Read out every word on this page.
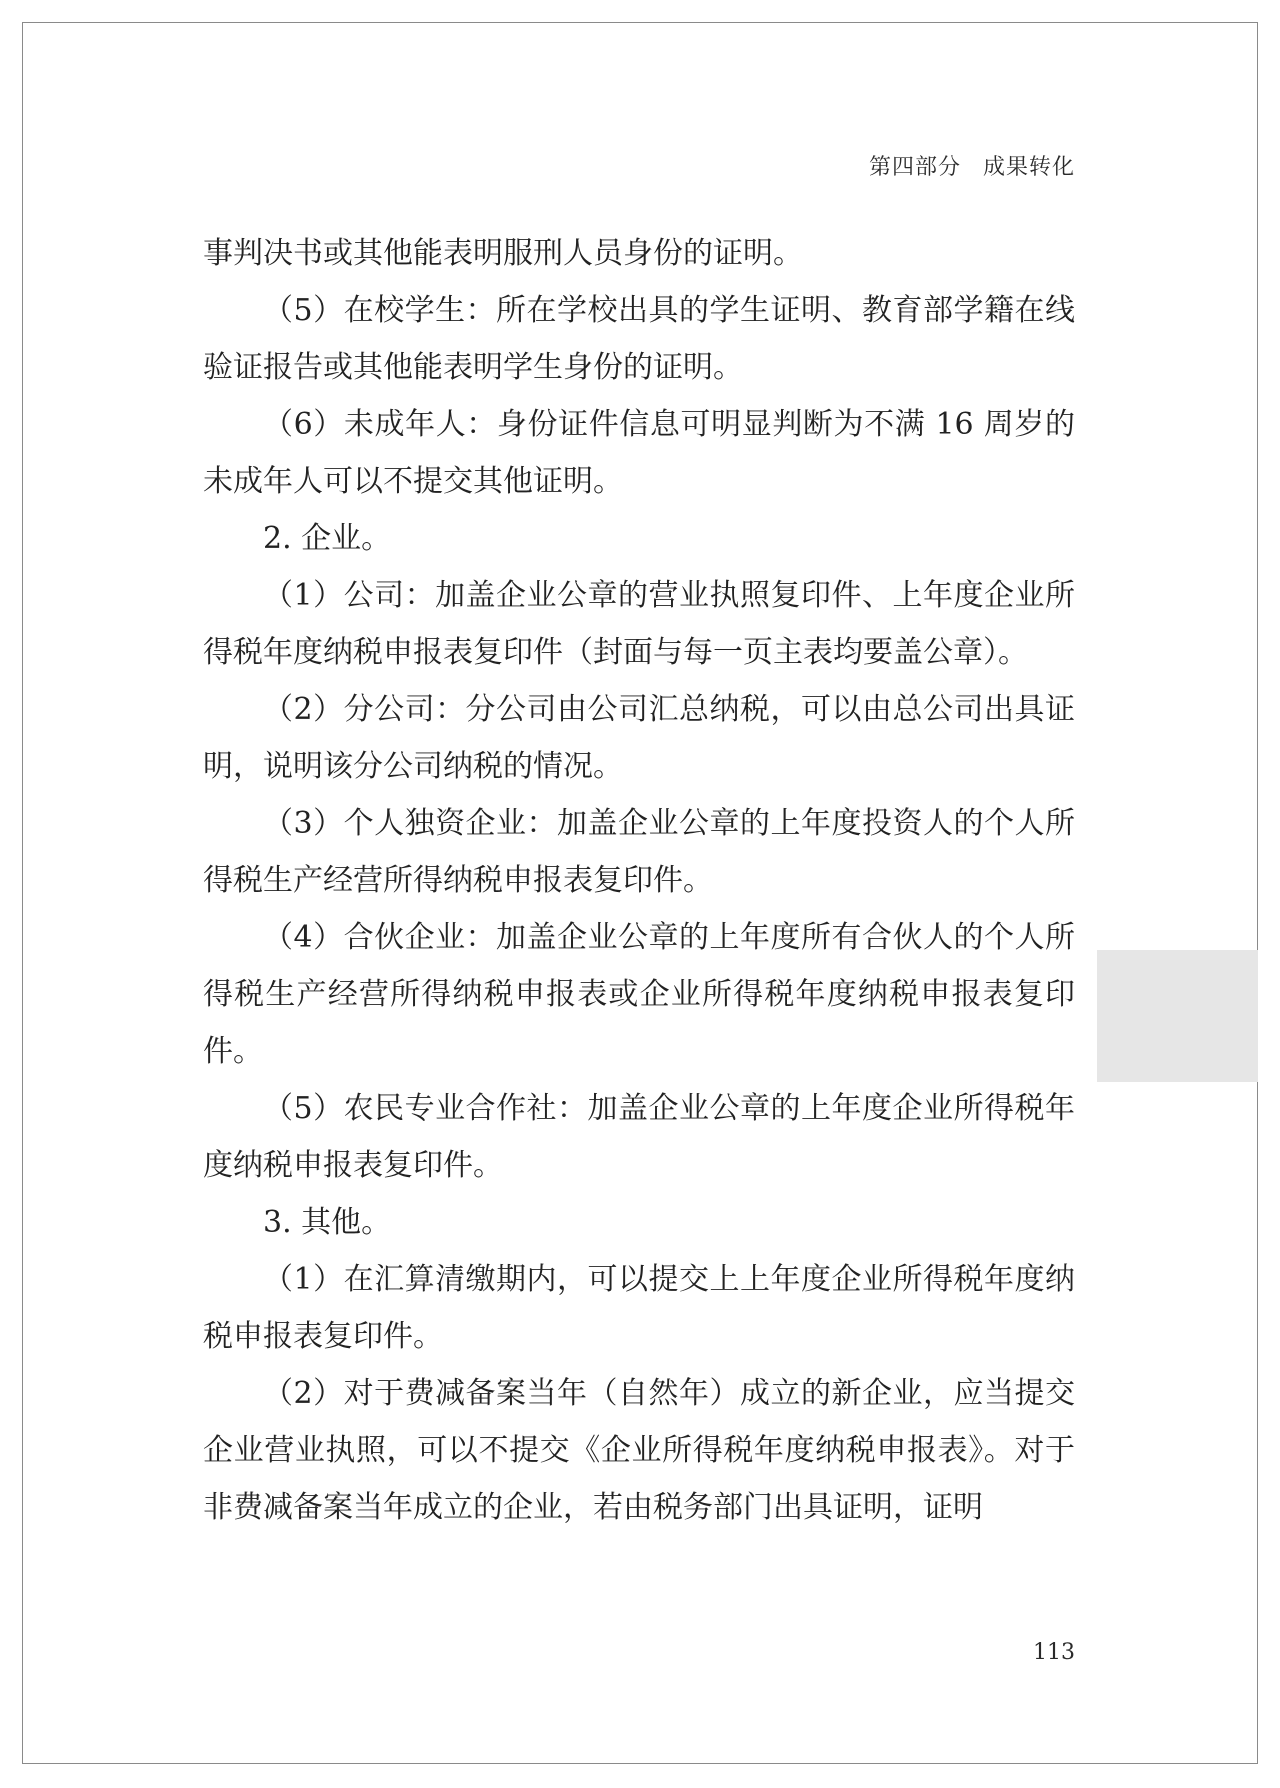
第四部分 成果转化

事判决书或其他能表明服刑人员身份的证明。

（5）在校学生：所在学校出具的学生证明、教育部学籍在线验证报告或其他能表明学生身份的证明。

（6）未成年人：身份证件信息可明显判断为不满 16 周岁的未成年人可以不提交其他证明。

2. 企业。

（1）公司：加盖企业公章的营业执照复印件、上年度企业所得税年度纳税申报表复印件（封面与每一页主表均要盖公章）。

（2）分公司：分公司由公司汇总纳税，可以由总公司出具证明，说明该分公司纳税的情况。

（3）个人独资企业：加盖企业公章的上年度投资人的个人所得税生产经营所得纳税申报表复印件。

（4）合伙企业：加盖企业公章的上年度所有合伙人的个人所得税生产经营所得纳税申报表或企业所得税年度纳税申报表复印件。

（5）农民专业合作社：加盖企业公章的上年度企业所得税年度纳税申报表复印件。

3. 其他。

（1）在汇算清缴期内，可以提交上上年度企业所得税年度纳税申报表复印件。

（2）对于费减备案当年（自然年）成立的新企业，应当提交企业营业执照，可以不提交《企业所得税年度纳税申报表》。对于非费减备案当年成立的企业，若由税务部门出具证明，证明

113
